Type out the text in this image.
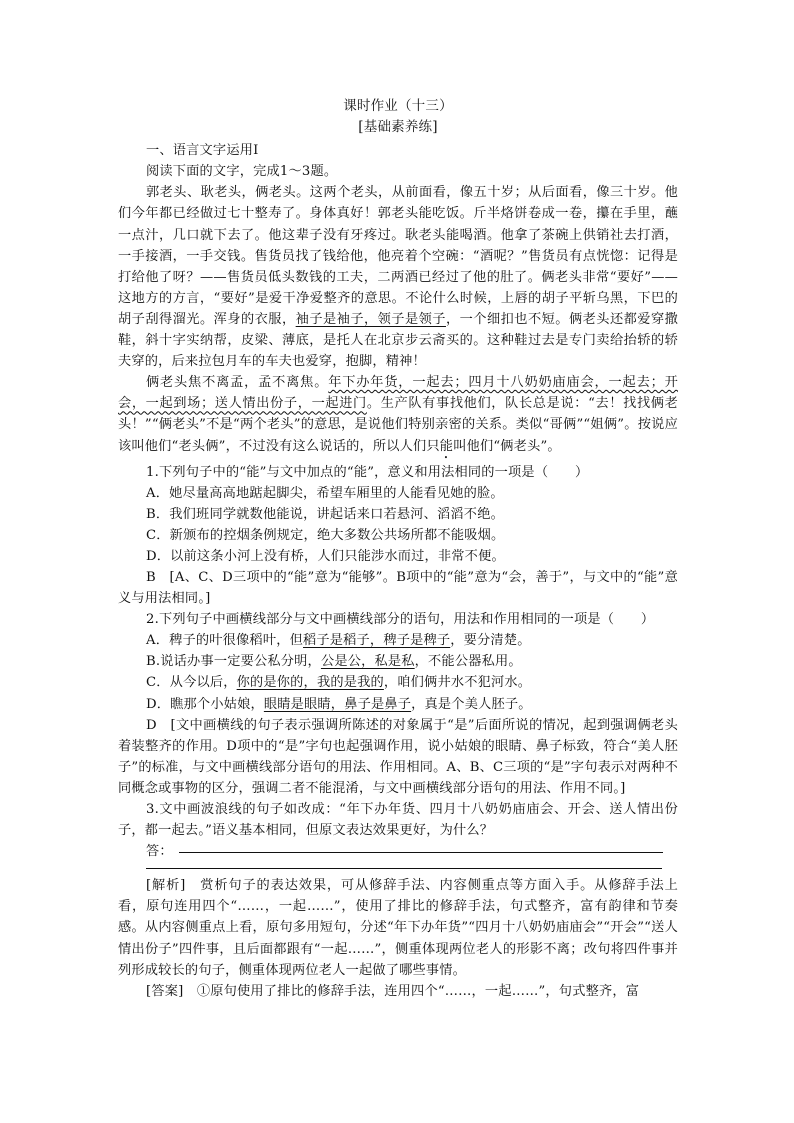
课时作业（十三）

[基础素养练]

一、语言文字运用Ⅰ

阅读下面的文字，完成1～3题。

郭老头、耿老头，俩老头。这两个老头，从前面看，像五十岁；从后面看，像三十岁。他们今年都已经做过七十整寿了。身体真好！郭老头能吃饭。斤半烙饼卷成一卷，攥在手里，蘸一点汁，几口就下去了。他这辈子没有牙疼过。耿老头能喝酒。他拿了茶碗上供销社去打酒，一手接酒，一手交钱。售货员找了钱给他，他亮着个空碗：“酒呢？”售货员有点恍惚：记得是打给他了呀？——售货员低头数钱的工夫，二两酒已经过了他的肚了。俩老头非常“要好”——这地方的方言，“要好”是爱干净爱整齐的意思。不论什么时候，上唇的胡子平斩乌黑，下巴的胡子刮得溜光。浑身的衣服，袖子是袖子，领子是领子，一个细扣也不短。俩老头还都爱穿撒鞋，斜十字实纳帮，皮梁、薄底，是托人在北京步云斋买的。这种鞋过去是专门卖给抬轿的轿夫穿的，后来拉包月车的车夫也爱穿，抱脚，精神！

俩老头焦不离孟，孟不离焦。年下办年货，一起去；四月十八奶奶庙庙会，一起去；开会，一起到场；送人情出份子，一起进门。生产队有事找他们，队长总是说：“去！找找俩老头！”“俩老头”不是“两个老头”的意思，是说他们特别亲密的关系。类似“哥俩”“姐俩”。按说应该叫他们“老头俩”，不过没有这么说话的，所以人们只能叫他们“俩老头”。

1.下列句子中的“能”与文中加点的“能”，意义和用法相同的一项是（　　）

A．她尽量高高地踮起脚尖，希望车厢里的人能看见她的脸。

B．我们班同学就数他能说，讲起话来口若悬河、滔滔不绝。

C．新颁布的控烟条例规定，绝大多数公共场所都不能吸烟。

D．以前这条小河上没有桥，人们只能涉水而过，非常不便。

B　[A、C、D三项中的“能”意为“能够”。B项中的“能”意为“会，善于”，与文中的“能”意义与用法相同。]

2.下列句子中画横线部分与文中画横线部分的语句，用法和作用相同的一项是（　　）

A．稗子的叶很像稻叶，但稻子是稻子，稗子是稗子，要分清楚。

B.说话办事一定要公私分明，公是公，私是私，不能公器私用。

C．从今以后，你的是你的，我的是我的，咱们俩井水不犯河水。

D．瞧那个小姑娘，眼睛是眼睛，鼻子是鼻子，真是个美人胚子。

D　[文中画横线的句子表示强调所陈述的对象属于“是”后面所说的情况，起到强调俩老头着装整齐的作用。D项中的“是”字句也起强调作用，说小姑娘的眼睛、鼻子标致，符合“美人胚子”的标准，与文中画横线部分语句的用法、作用相同。A、B、C三项的“是”字句表示对两种不同概念或事物的区分，强调二者不能混淆，与文中画横线部分语句的用法、作用不同。]

3.文中画波浪线的句子如改成：“年下办年货、四月十八奶奶庙庙会、开会、送人情出份子，都一起去。”语义基本相同，但原文表达效果更好，为什么？

答：

[解析]　赏析句子的表达效果，可从修辞手法、内容侧重点等方面入手。从修辞手法上看，原句连用四个“……，一起……”，使用了排比的修辞手法，句式整齐，富有韵律和节奏感。从内容侧重点上看，原句多用短句，分述“年下办年货”“四月十八奶奶庙庙会”“开会”“送人情出份子”四件事，且后面都跟有“一起……”，侧重体现两位老人的形影不离；改句将四件事并列形成较长的句子，侧重体现两位老人一起做了哪些事情。

[答案]　①原句使用了排比的修辞手法，连用四个“……，一起……”，句式整齐，富
